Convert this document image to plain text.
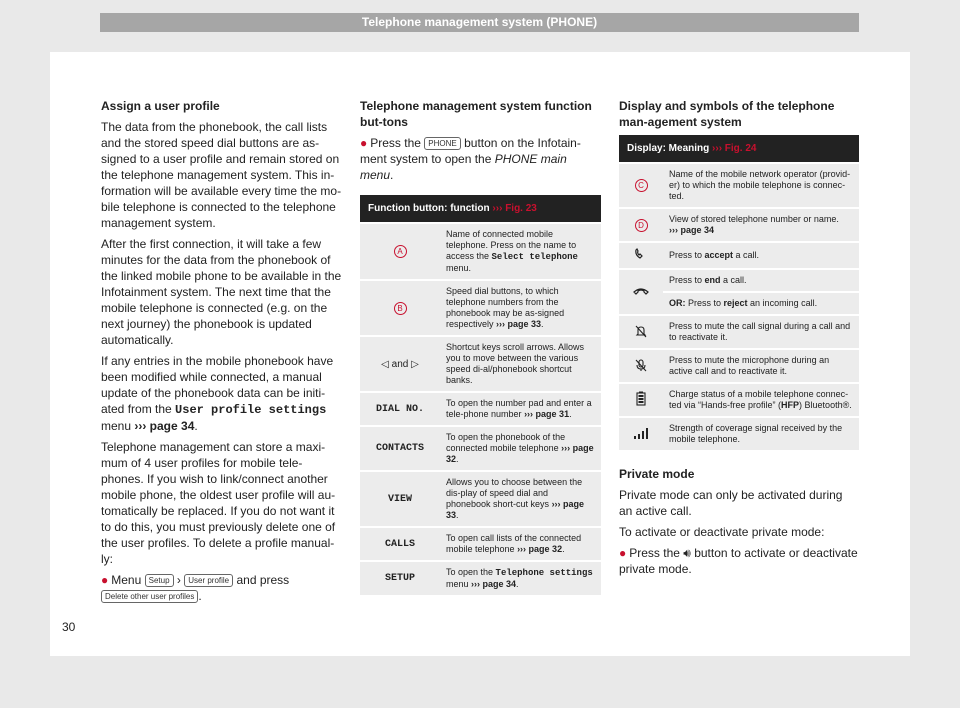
Telephone management system (PHONE)

Assign a user profile

The data from the phonebook, the call lists and the stored speed dial buttons are as-signed to a user profile and remain stored on the telephone management system. This in-formation will be available every time the mo-bile telephone is connected to the telephone management system.

After the first connection, it will take a few minutes for the data from the phonebook of the linked mobile phone to be available in the Infotainment system. The next time that the mobile telephone is connected (e.g. on the next journey) the phonebook is updated automatically.

If any entries in the mobile phonebook have been modified while connected, a manual update of the phonebook data can be initi-ated from the User profile settings menu ››› page 34.

Telephone management can store a maxi-mum of 4 user profiles for mobile tele-phones. If you wish to link/connect another mobile phone, the oldest user profile will au-tomatically be replaced. If you do not want it to do this, you must previously delete one of the user profiles. To delete a profile manual-ly:

● Menu Setup › User profile and press Delete other user profiles .

Telephone management system function but-tons

● Press the PHONE button on the Infotain-ment system to open the PHONE main menu.

Function button: function ››› Fig. 23	
A	Name of connected mobile telephone. Press on the name to access the Select telephone menu.
B	Speed dial buttons, to which telephone numbers from the phonebook may be as-signed respectively ››› page 33.
◁ and ▷	Shortcut keys scroll arrows. Allows you to move between the various speed di-al/phonebook shortcut banks.
DIAL NO.	To open the number pad and enter a tele-phone number ››› page 31.
CONTACTS	To open the phonebook of the connected mobile telephone ››› page 32.
VIEW	Allows you to choose between the dis-play of speed dial and phonebook short-cut keys ››› page 33.
CALLS	To open call lists of the connected mobile telephone ››› page 32.
SETUP	To open the Telephone settings menu ››› page 34.

Display and symbols of the telephone man-agement system

Display: Meaning ››› Fig. 24	
C	Name of the mobile network operator (provid-er) to which the mobile telephone is connec-ted.
D	View of stored telephone number or name.
››› page 34
	Press to accept a call.
	Press to end a call.
	OR: Press to reject an incoming call.
	Press to mute the call signal during a call and to reactivate it.
	Press to mute the microphone during an active call and to reactivate it.
	Charge status of a mobile telephone connec-ted via “Hands-free profile” (HFP) Bluetooth®.
	Strength of coverage signal received by the mobile telephone.

Private mode

Private mode can only be activated during an active call.

To activate or deactivate private mode:

● Press the 🔊︎ button to activate or deactivate private mode.

30
